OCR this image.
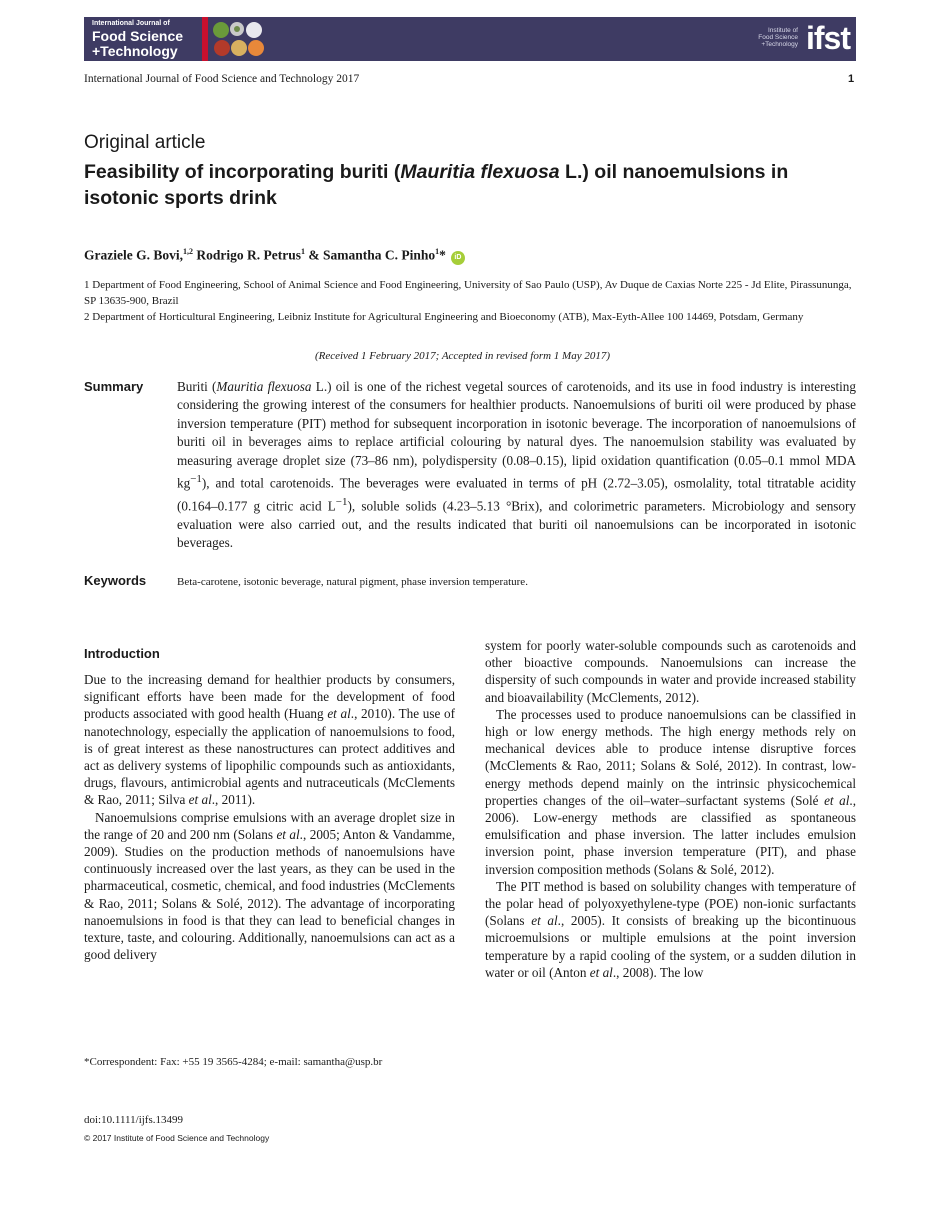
International Journal of
Food Science
+Technology
Institute of
Food Science
+Technology ifst
International Journal of Food Science and Technology 2017	1
Original article
Feasibility of incorporating buriti (Mauritia flexuosa L.) oil nanoemulsions in isotonic sports drink
Graziele G. Bovi,$^{1,2}$ Rodrigo R. Petrus$^1$ & Samantha C. Pinho$^1$* iD

1 Department of Food Engineering, School of Animal Science and Food Engineering, University of Sao Paulo (USP), Av Duque de Caxias Norte 225 - Jd Elite, Pirassununga, SP 13635-900, Brazil

2 Department of Horticultural Engineering, Leibniz Institute for Agricultural Engineering and Bioeconomy (ATB), Max-Eyth-Allee 100 14469, Potsdam, Germany

(Received 1 February 2017; Accepted in revised form 1 May 2017)
Summary	Buriti (Mauritia flexuosa L.) oil is one of the richest vegetal sources of carotenoids, and its use in food industry is interesting considering the growing interest of the consumers for healthier products. Nanoemulsions of buriti oil were produced by phase inversion temperature (PIT) method for subsequent incorporation in isotonic beverage. The incorporation of nanoemulsions of buriti oil in beverages aims to replace artificial colouring by natural dyes. The nanoemulsion stability was evaluated by measuring average droplet size (73–86 nm), polydispersity (0.08–0.15), lipid oxidation quantification (0.05–0.1 mmol MDA $kg^{-1}$), and total carotenoids. The beverages were evaluated in terms of pH (2.72–3.05), osmolality, total titratable acidity (0.164–0.177 g citric acid $L^{-1}$), soluble solids (4.23–5.13 °Brix), and colorimetric parameters. Microbiology and sensory evaluation were also carried out, and the results indicated that buriti oil nanoemulsions can be incorporated in isotonic beverages.

Keywords	Beta-carotene, isotonic beverage, natural pigment, phase inversion temperature.
Introduction

Due to the increasing demand for healthier products by consumers, significant efforts have been made for the development of food products associated with good health (Huang et al., 2010). The use of nanotechnology, especially the application of nanoemulsions to food, is of great interest as these nanostructures can protect additives and act as delivery systems of lipophilic compounds such as antioxidants, drugs, flavours, antimicrobial agents and nutraceuticals (McClements & Rao, 2011; Silva et al., 2011).

Nanoemulsions comprise emulsions with an average droplet size in the range of 20 and 200 nm (Solans et al., 2005; Anton & Vandamme, 2009). Studies on the production methods of nanoemulsions have continuously increased over the last years, as they can be used in the pharmaceutical, cosmetic, chemical, and food industries (McClements & Rao, 2011; Solans & Solé, 2012). The advantage of incorporating nanoemulsions in food is that they can lead to beneficial changes in texture, taste, and colouring. Additionally, nanoemulsions can act as a good delivery

system for poorly water-soluble compounds such as carotenoids and other bioactive compounds. Nanoemulsions can increase the dispersity of such compounds in water and provide increased stability and bioavailability (McClements, 2012).

The processes used to produce nanoemulsions can be classified in high or low energy methods. The high energy methods rely on mechanical devices able to produce intense disruptive forces (McClements & Rao, 2011; Solans & Solé, 2012). In contrast, low-energy methods depend mainly on the intrinsic physicochemical properties changes of the oil–water–surfactant systems (Solé et al., 2006). Low-energy methods are classified as spontaneous emulsification and phase inversion. The latter includes emulsion inversion point, phase inversion temperature (PIT), and phase inversion composition methods (Solans & Solé, 2012).

The PIT method is based on solubility changes with temperature of the polar head of polyoxyethylene-type (POE) non-ionic surfactants (Solans et al., 2005). It consists of breaking up the bicontinuous microemulsions or multiple emulsions at the point inversion temperature by a rapid cooling of the system, or a sudden dilution in water or oil (Anton et al., 2008). The low

*Correspondent: Fax: +55 19 3565-4284; e-mail: samantha@usp.br
doi:10.1111/ijfs.13499
© 2017 Institute of Food Science and Technology
